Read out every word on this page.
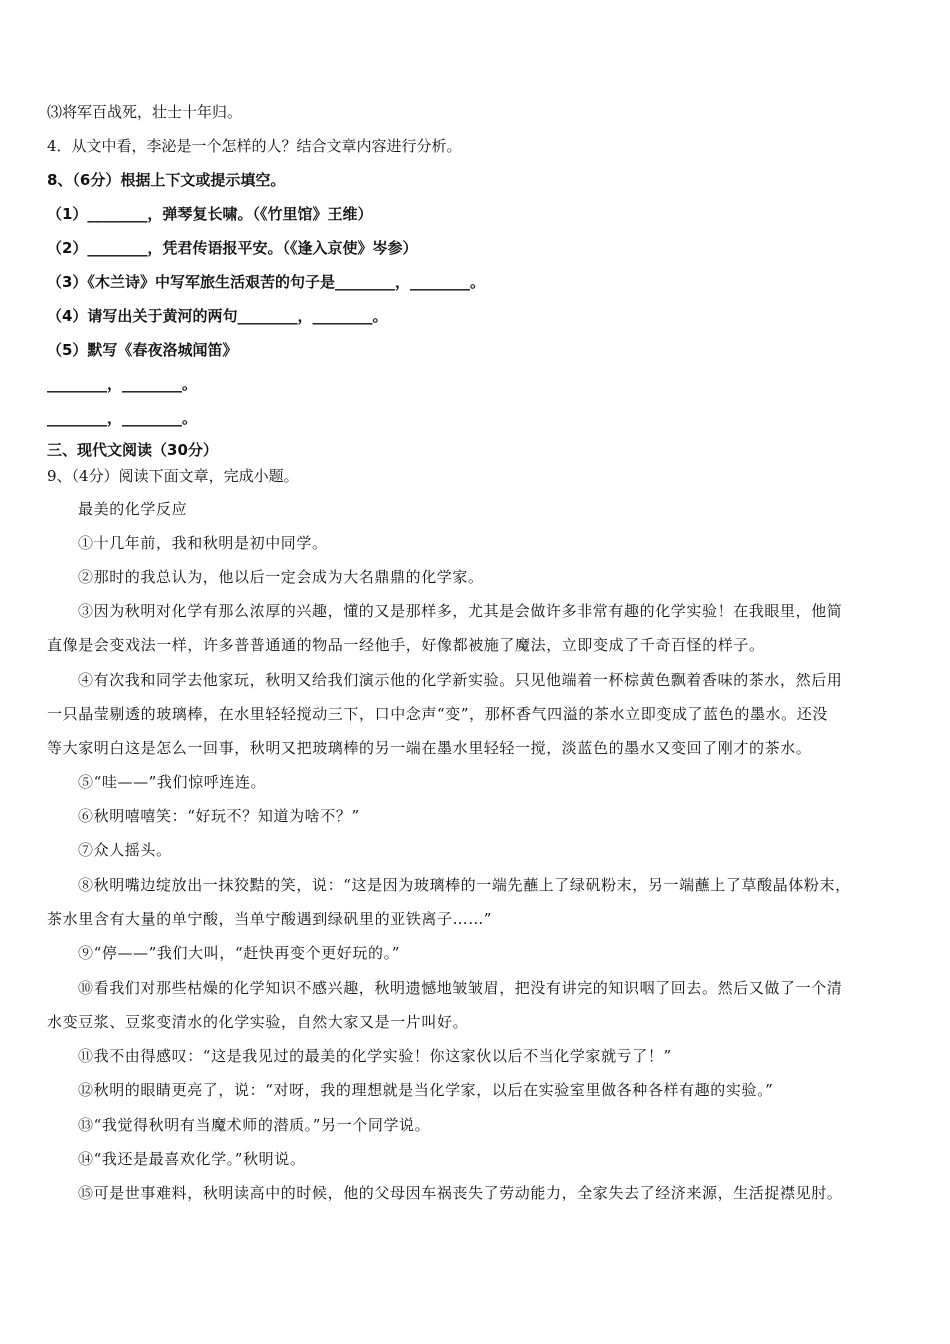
⑶将军百战死，壮士十年归。
4．从文中看，李泌是一个怎样的人？结合文章内容进行分析。
8、（6分）根据上下文或提示填空。
（1）________，弹琴复长啸。（《竹里馆》王维）
（2）________，凭君传语报平安。（《逢入京使》岑参）
（3）《木兰诗》中写军旅生活艰苦的句子是________，________。
（4）请写出关于黄河的两句________，________。
（5）默写《春夜洛城闻笛》
________，________。
________，________。
三、现代文阅读（30分）
9、（4分）阅读下面文章，完成小题。
最美的化学反应
①十几年前，我和秋明是初中同学。
②那时的我总认为，他以后一定会成为大名鼎鼎的化学家。
③因为秋明对化学有那么浓厚的兴趣，懂的又是那样多，尤其是会做许多非常有趣的化学实验！在我眼里，他简
直像是会变戏法一样，许多普普通通的物品一经他手，好像都被施了魔法，立即变成了千奇百怪的样子。
④有次我和同学去他家玩，秋明又给我们演示他的化学新实验。只见他端着一杯棕黄色飘着香味的茶水，然后用
一只晶莹剔透的玻璃棒，在水里轻轻搅动三下，口中念声“变”，那杯香气四溢的茶水立即变成了蓝色的墨水。还没
等大家明白这是怎么一回事，秋明又把玻璃棒的另一端在墨水里轻轻一搅，淡蓝色的墨水又变回了刚才的茶水。
⑤“哇——”我们惊呼连连。
⑥秋明嘻嘻笑：“好玩不？知道为啥不？”
⑦众人摇头。
⑧秋明嘴边绽放出一抹狡黠的笑，说：“这是因为玻璃棒的一端先蘸上了绿矾粉末，另一端蘸上了草酸晶体粉末，
茶水里含有大量的单宁酸，当单宁酸遇到绿矾里的亚铁离子……”
⑨“停——”我们大叫，“赶快再变个更好玩的。”
⑩看我们对那些枯燥的化学知识不感兴趣，秋明遗憾地皱皱眉，把没有讲完的知识咽了回去。然后又做了一个清
水变豆浆、豆浆变清水的化学实验，自然大家又是一片叫好。
⑪我不由得感叹：“这是我见过的最美的化学实验！你这家伙以后不当化学家就亏了！”
⑫秋明的眼睛更亮了，说：“对呀，我的理想就是当化学家，以后在实验室里做各种各样有趣的实验。”
⑬“我觉得秋明有当魔术师的潜质。”另一个同学说。
⑭“我还是最喜欢化学。”秋明说。
⑮可是世事难料，秋明读高中的时候，他的父母因车祸丧失了劳动能力，全家失去了经济来源，生活捉襟见肘。
